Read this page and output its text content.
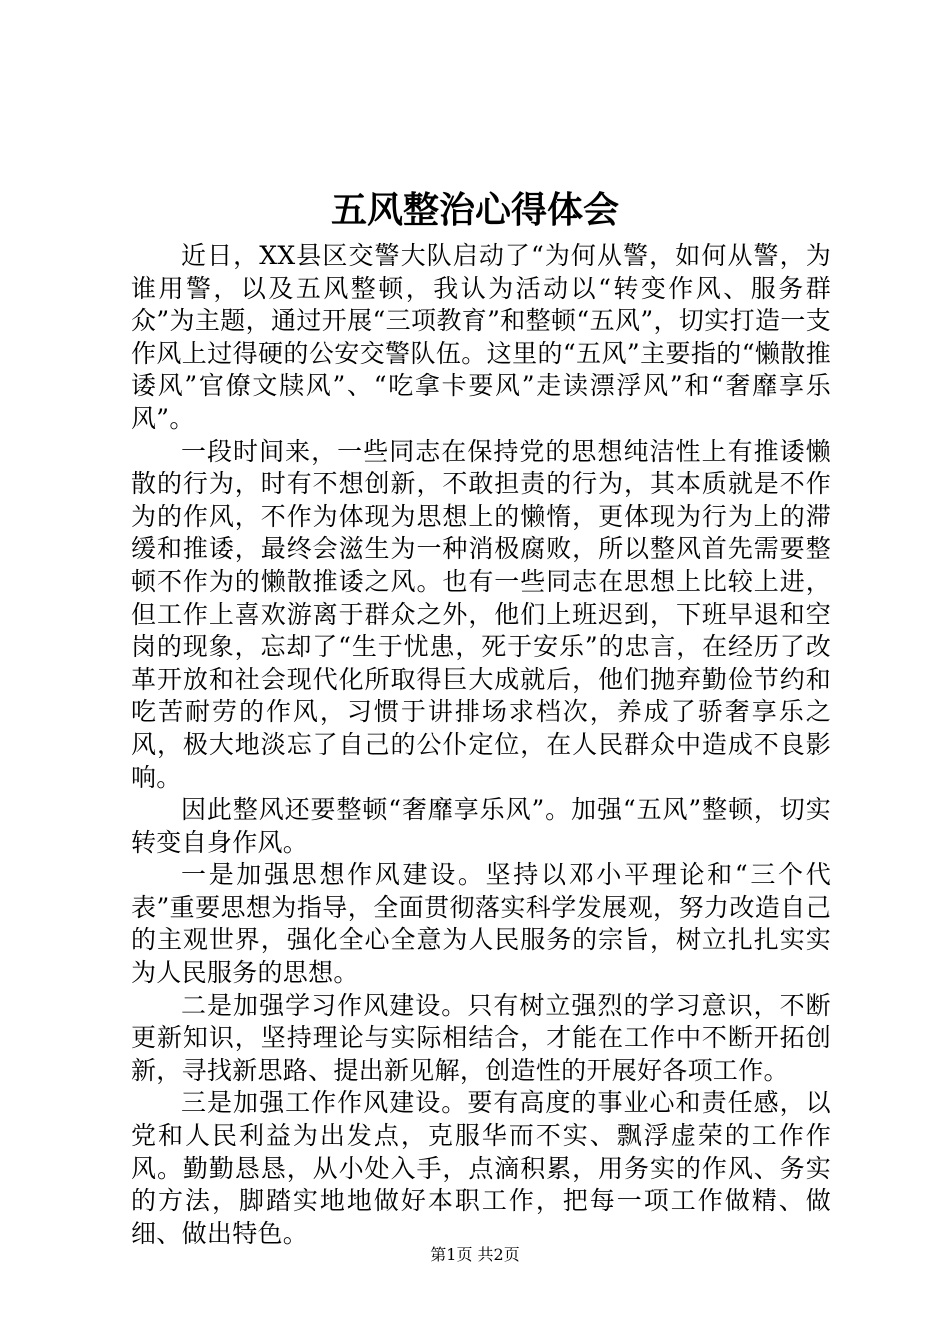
五风整治心得体会

近日，XX县区交警大队启动了“为何从警，如何从警，为谁用警，以及五风整顿，我认为活动以“转变作风、服务群众”为主题，通过开展“三项教育”和整顿“五风”，切实打造一支作风上过得硬的公安交警队伍。这里的“五风”主要指的“懒散推诿风”官僚文牍风”、“吃拿卡要风”走读漂浮风”和“奢靡享乐风”。

一段时间来，一些同志在保持党的思想纯洁性上有推诿懒散的行为，时有不想创新，不敢担责的行为，其本质就是不作为的作风，不作为体现为思想上的懒惰，更体现为行为上的滞缓和推诿，最终会滋生为一种消极腐败，所以整风首先需要整顿不作为的懒散推诿之风。也有一些同志在思想上比较上进，但工作上喜欢游离于群众之外，他们上班迟到，下班早退和空岗的现象，忘却了“生于忧患，死于安乐”的忠言，在经历了改革开放和社会现代化所取得巨大成就后，他们抛弃勤俭节约和吃苦耐劳的作风，习惯于讲排场求档次，养成了骄奢享乐之风，极大地淡忘了自己的公仆定位，在人民群众中造成不良影响。

因此整风还要整顿“奢靡享乐风”。加强“五风”整顿，切实转变自身作风。

一是加强思想作风建设。坚持以邓小平理论和“三个代表”重要思想为指导，全面贯彻落实科学发展观，努力改造自己的主观世界，强化全心全意为人民服务的宗旨，树立扎扎实实为人民服务的思想。

二是加强学习作风建设。只有树立强烈的学习意识，不断更新知识，坚持理论与实际相结合，才能在工作中不断开拓创新，寻找新思路、提出新见解，创造性的开展好各项工作。

三是加强工作作风建设。要有高度的事业心和责任感，以党和人民利益为出发点，克服华而不实、飘浮虚荣的工作作风。勤勤恳恳，从小处入手，点滴积累，用务实的作风、务实的方法，脚踏实地地做好本职工作，把每一项工作做精、做细、做出特色。

第1页 共2页
